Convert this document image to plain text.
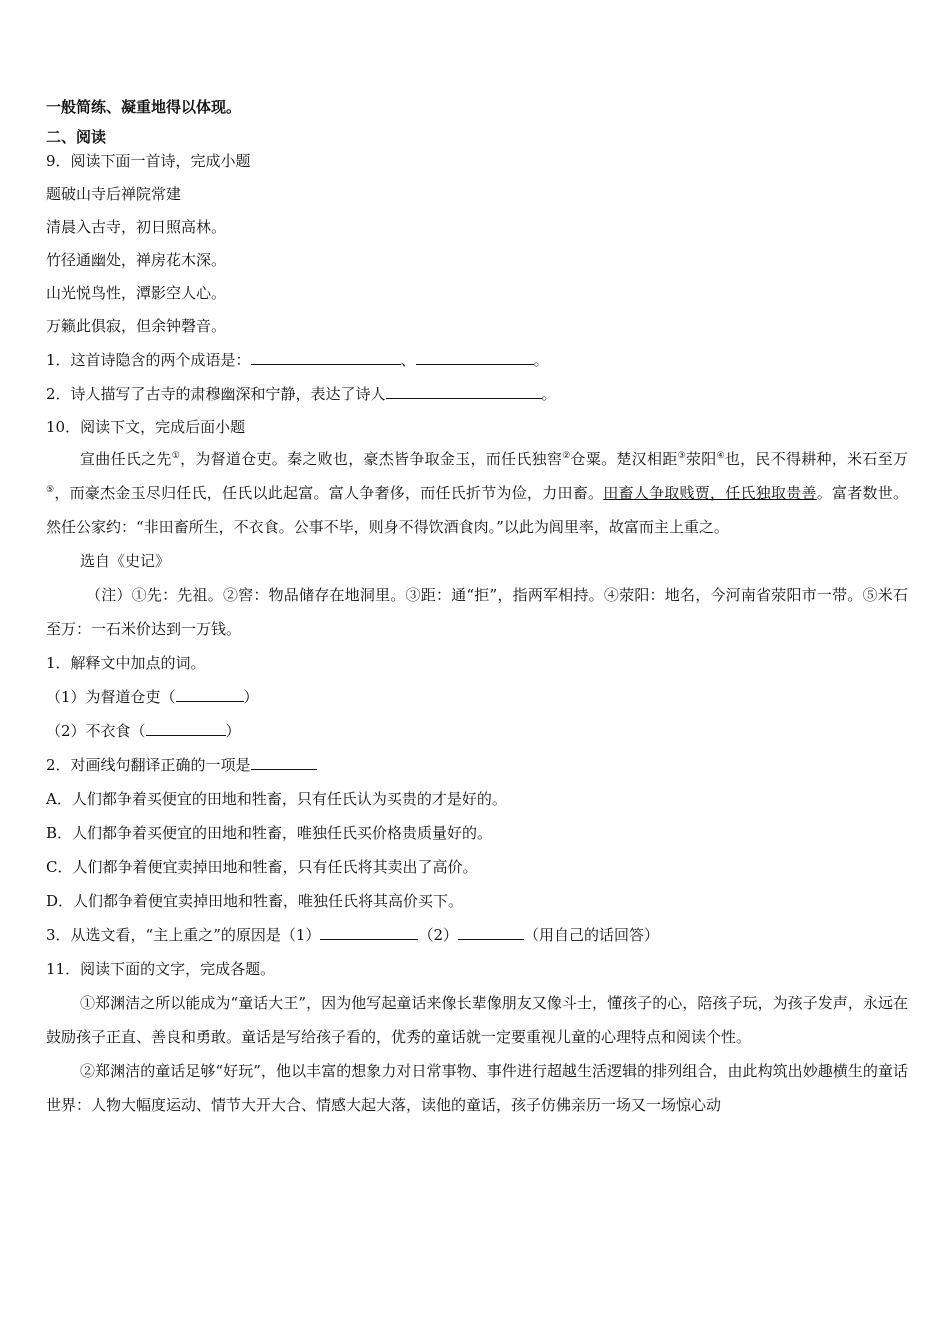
一般简练、凝重地得以体现。

二、阅读

9．阅读下面一首诗，完成小题

题破山寺后禅院常建

清晨入古寺，初日照高林。

竹径通幽处，禅房花木深。

山光悦鸟性，潭影空人心。

万籁此俱寂，但余钟磬音。

1．这首诗隐含的两个成语是：	、	。

2．诗人描写了古寺的肃穆幽深和宁静，表达了诗人	。

10．阅读下文，完成后面小题

宣曲任氏之先①，为督道仓吏。秦之败也，豪杰皆争取金玉，而任氏独窖②仓粟。楚汉相距③荥阳④也，民不得耕种，米石至万⑤，而豪杰金玉尽归任氏，任氏以此起富。富人争奢侈，而任氏折节为俭，力田畜。田畜人争取贱贾，任氏独取贵善。富者数世。然任公家约：“非田畜所生，不衣食。公事不毕，则身不得饮酒食肉。”以此为闾里率，故富而主上重之。

选自《史记》

（注）①先：先祖。②窖：物品储存在地洞里。③距：通“拒”，指两军相持。④荥阳：地名，今河南省荥阳市一带。⑤米石至万：一石米价达到一万钱。

1．解释文中加点的词。

（1）为督道仓吏（	）

（2）不衣食（	）

2．对画线句翻译正确的一项是

A．人们都争着买便宜的田地和牲畜，只有任氏认为买贵的才是好的。

B．人们都争着买便宜的田地和牲畜，唯独任氏买价格贵质量好的。

C．人们都争着便宜卖掉田地和牲畜，只有任氏将其卖出了高价。

D．人们都争着便宜卖掉田地和牲畜，唯独任氏将其高价买下。

3．从选文看，“主上重之”的原因是（1）	（2）	（用自己的话回答）

11．阅读下面的文字，完成各题。

①郑渊洁之所以能成为“童话大王”，因为他写起童话来像长辈像朋友又像斗士，懂孩子的心，陪孩子玩，为孩子发声，永远在鼓励孩子正直、善良和勇敢。童话是写给孩子看的，优秀的童话就一定要重视儿童的心理特点和阅读个性。

②郑渊洁的童话足够“好玩”，他以丰富的想象力对日常事物、事件进行超越生活逻辑的排列组合，由此构筑出妙趣横生的童话世界：人物大幅度运动、情节大开大合、情感大起大落，读他的童话，孩子仿佛亲历一场又一场惊心动
